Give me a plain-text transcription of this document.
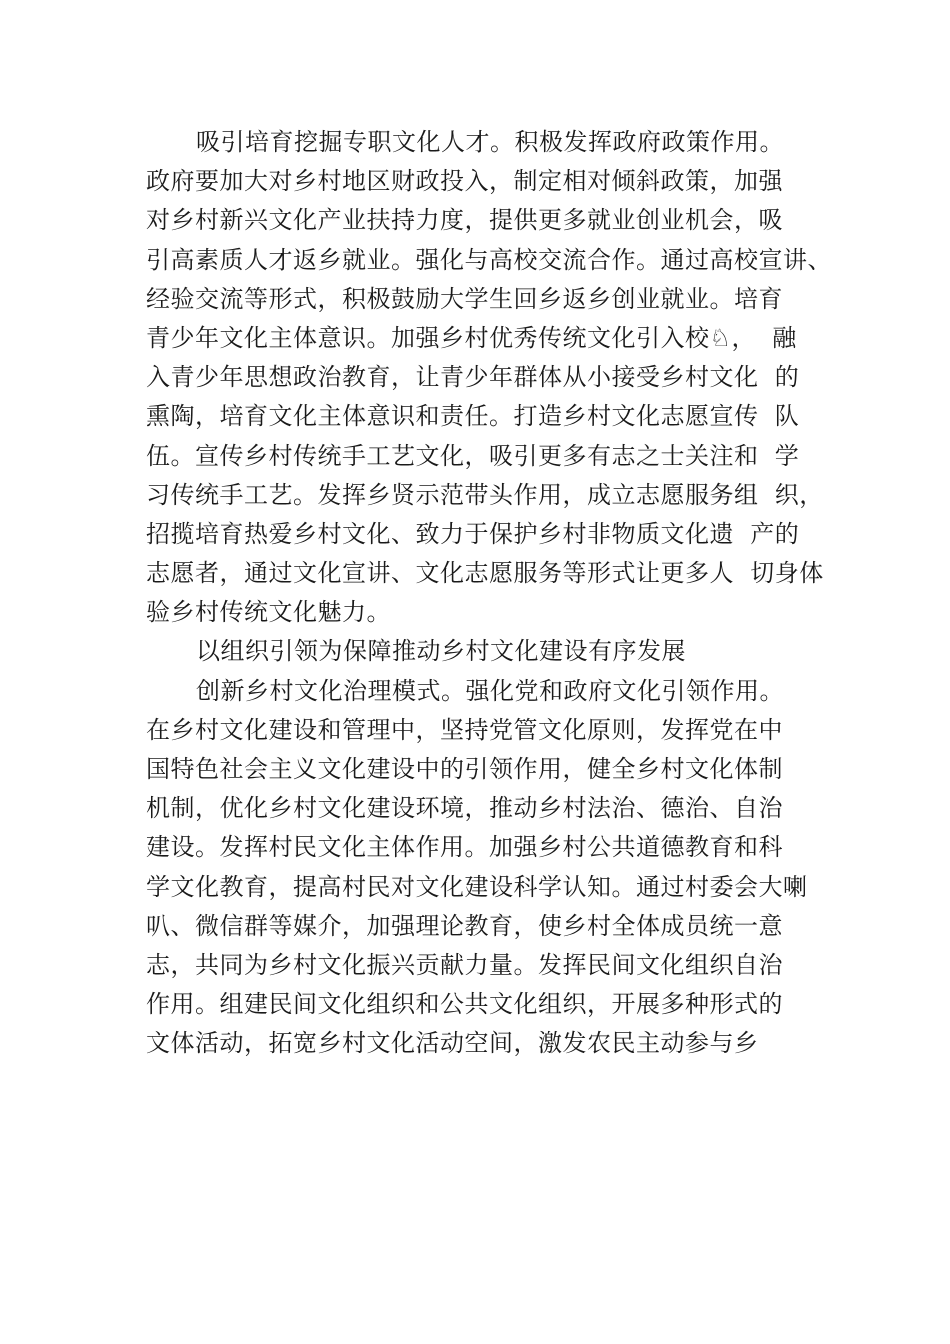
吸引培育挖掘专职文化人才。积极发挥政府政策作用。
政府要加大对乡村地区财政投入，制定相对倾斜政策，加强
对乡村新兴文化产业扶持力度，提供更多就业创业机会，吸
引高素质人才返乡就业。强化与高校交流合作。通过高校宣讲、
经验交流等形式，积极鼓励大学生回乡返乡创业就业。培育
青少年文化主体意识。加强乡村优秀传统文化引入校♘，  融
入青少年思想政治教育，让青少年群体从小接受乡村文化  的
熏陶，培育文化主体意识和责任。打造乡村文化志愿宣传  队
伍。宣传乡村传统手工艺文化，吸引更多有志之士关注和  学
习传统手工艺。发挥乡贤示范带头作用，成立志愿服务组  织，
招揽培育热爱乡村文化、致力于保护乡村非物质文化遗  产的
志愿者，通过文化宣讲、文化志愿服务等形式让更多人  切身体
验乡村传统文化魅力。
以组织引领为保障推动乡村文化建设有序发展
创新乡村文化治理模式。强化党和政府文化引领作用。
在乡村文化建设和管理中，坚持党管文化原则，发挥党在中
国特色社会主义文化建设中的引领作用，健全乡村文化体制
机制，优化乡村文化建设环境，推动乡村法治、德治、自治
建设。发挥村民文化主体作用。加强乡村公共道德教育和科
学文化教育，提高村民对文化建设科学认知。通过村委会大喇
叭、微信群等媒介，加强理论教育，使乡村全体成员统一意
志，共同为乡村文化振兴贡献力量。发挥民间文化组织自治
作用。组建民间文化组织和公共文化组织，开展多种形式的
文体活动，拓宽乡村文化活动空间，激发农民主动参与乡
